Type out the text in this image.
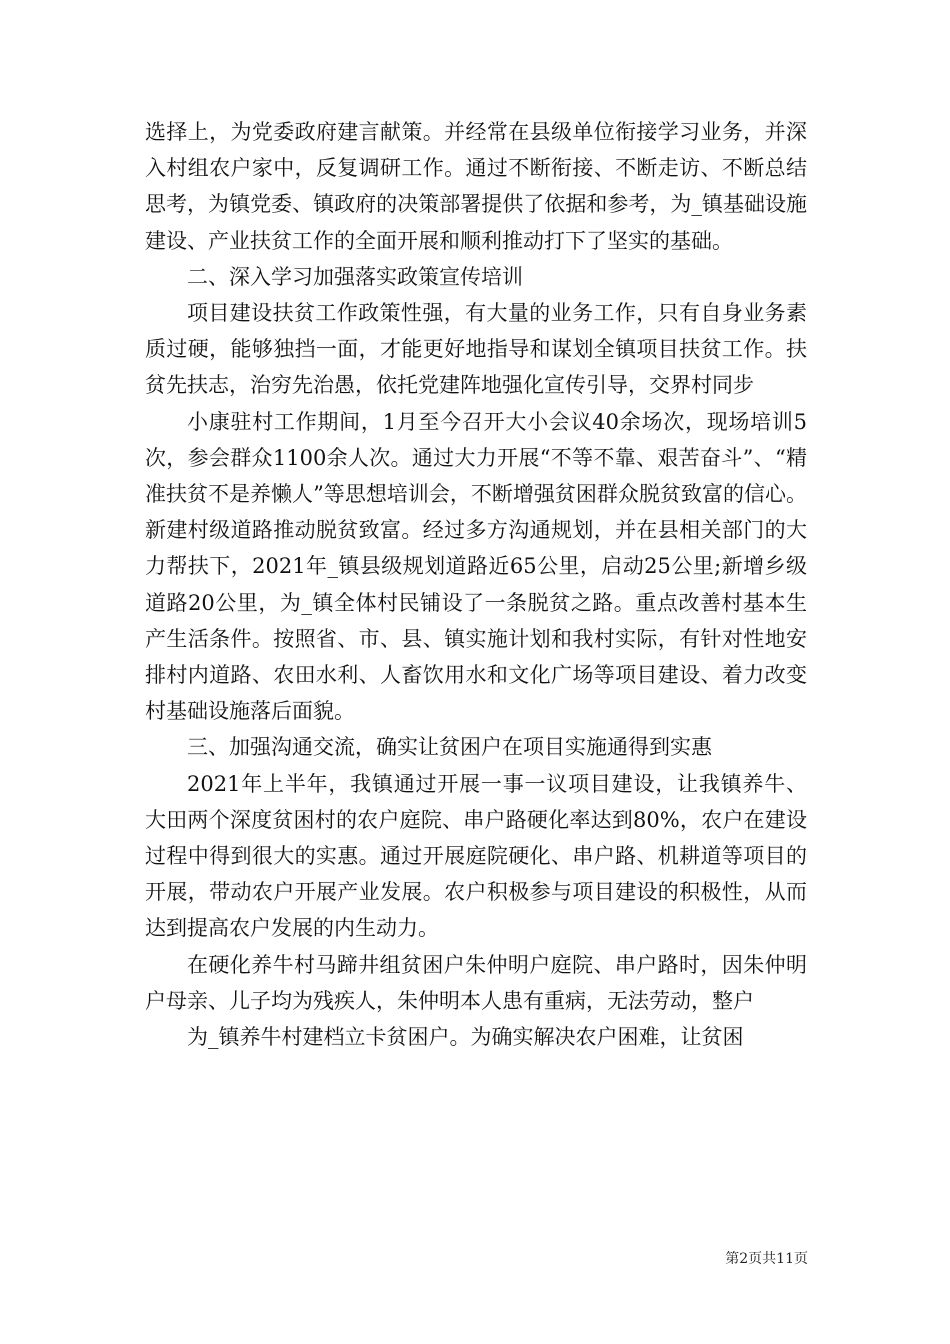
选择上，为党委政府建言献策。并经常在县级单位衔接学习业务，并深入村组农户家中，反复调研工作。通过不断衔接、不断走访、不断总结思考，为镇党委、镇政府的决策部署提供了依据和参考，为_镇基础设施建设、产业扶贫工作的全面开展和顺利推动打下了坚实的基础。

二、深入学习加强落实政策宣传培训

项目建设扶贫工作政策性强，有大量的业务工作，只有自身业务素质过硬，能够独挡一面，才能更好地指导和谋划全镇项目扶贫工作。扶贫先扶志，治穷先治愚，依托党建阵地强化宣传引导，交界村同步

小康驻村工作期间，1月至今召开大小会议40余场次，现场培训5次，参会群众1100余人次。通过大力开展“不等不靠、艰苦奋斗”、“精准扶贫不是养懒人”等思想培训会，不断增强贫困群众脱贫致富的信心。新建村级道路推动脱贫致富。经过多方沟通规划，并在县相关部门的大力帮扶下，2021年_镇县级规划道路近65公里，启动25公里;新增乡级道路20公里，为_镇全体村民铺设了一条脱贫之路。重点改善村基本生产生活条件。按照省、市、县、镇实施计划和我村实际，有针对性地安排村内道路、农田水利、人畜饮用水和文化广场等项目建设、着力改变村基础设施落后面貌。

三、加强沟通交流，确实让贫困户在项目实施通得到实惠

2021年上半年，我镇通过开展一事一议项目建设，让我镇养牛、大田两个深度贫困村的农户庭院、串户路硬化率达到80%，农户在建设过程中得到很大的实惠。通过开展庭院硬化、串户路、机耕道等项目的开展，带动农户开展产业发展。农户积极参与项目建设的积极性，从而达到提高农户发展的内生动力。

在硬化养牛村马蹄井组贫困户朱仲明户庭院、串户路时，因朱仲明户母亲、儿子均为残疾人，朱仲明本人患有重病，无法劳动，整户

为_镇养牛村建档立卡贫困户。为确实解决农户困难，让贫困

第2页共11页
